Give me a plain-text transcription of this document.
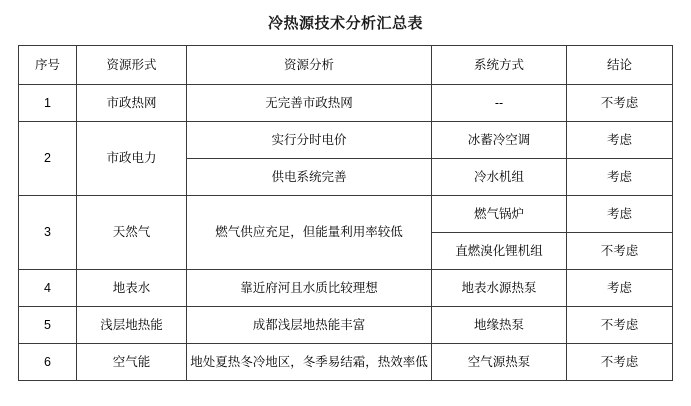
冷热源技术分析汇总表
序号	资源形式	资源分析	系统方式	结论
1	市政热网	无完善市政热网	--	不考虑
2	市政电力	实行分时电价	冰蓄冷空调	考虑
		供电系统完善	冷水机组	考虑
3	天然气	燃气供应充足，但能量利用率较低	燃气锅炉	考虑
			直燃溴化锂机组	不考虑
4	地表水	靠近府河且水质比较理想	地表水源热泵	考虑
5	浅层地热能	成都浅层地热能丰富	地缘热泵	不考虑
6	空气能	地处夏热冬冷地区，冬季易结霜，热效率低	空气源热泵	不考虑
